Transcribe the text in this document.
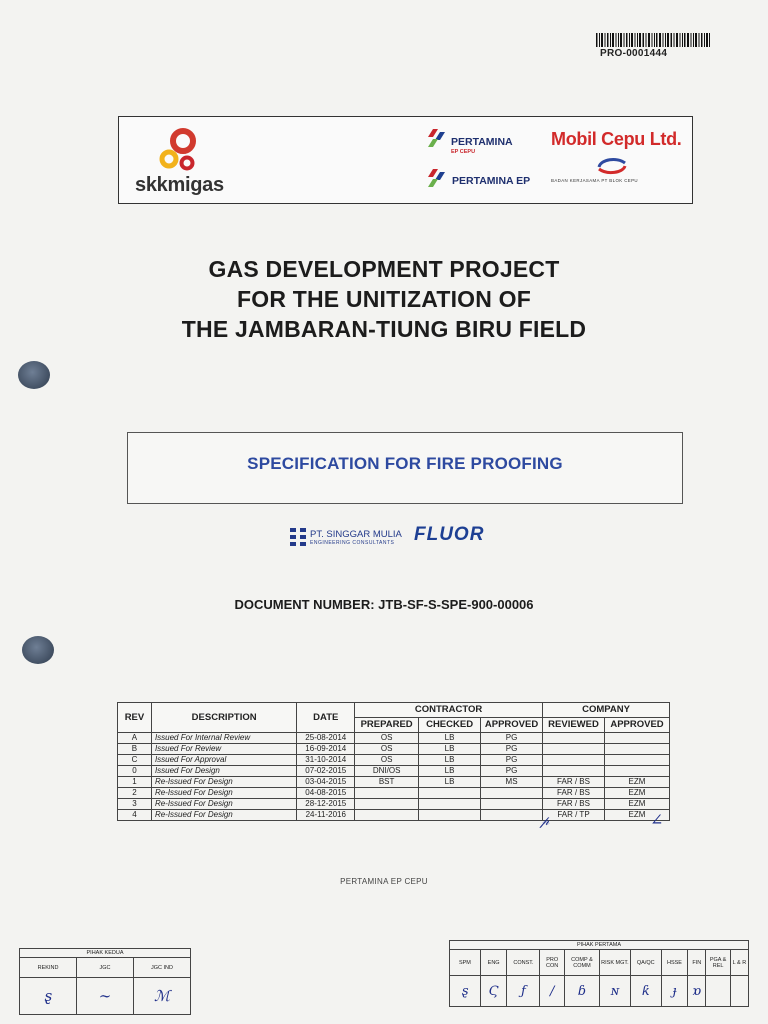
PRO-0001444
skkmigas
PERTAMINA
EP CEPU
PERTAMINA EP
Mobil Cepu Ltd.
BADAN KERJASAMA PT BLOK CEPU
GAS DEVELOPMENT PROJECT
FOR THE UNITIZATION OF
THE JAMBARAN-TIUNG BIRU FIELD
SPECIFICATION FOR FIRE PROOFING
PT. SINGGAR MULIA
ENGINEERING CONSULTANTS FLUOR
DOCUMENT NUMBER: JTB-SF-S-SPE-900-00006
REV	DESCRIPTION	DATE	CONTRACTOR			COMPANY	
			PREPARED	CHECKED	APPROVED	REVIEWED	APPROVED
A	Issued For Internal Review	25-08-2014	OS	LB	PG		
B	Issued For Review	16-09-2014	OS	LB	PG		
C	Issued For Approval	31-10-2014	OS	LB	PG		
0	Issued For Design	07-02-2015	DNI/OS	LB	PG		
1	Re-Issued For Design	03-04-2015	BST	LB	MS	FAR / BS	EZM
2	Re-Issued For Design	04-08-2015				FAR / BS	EZM
3	Re-Issued For Design	28-12-2015				FAR / BS	EZM
4	Re-Issued For Design	24-11-2016				FAR / TP	EZM
𝓅	∠
PERTAMINA EP CEPU
PIHAK KEDUA		
REKIND	JGC	JGC IND
ȿ	∼	ℳ
PIHAK PERTAMA										
SPM	ENG	CONST.	PRO CON	COMP & COMM	RISK MGT.	QA/QC	HSSE	FIN	PGA & REL	L & R
ȿ	Ϛ	ƒ	∕	ɓ	ɴ	ƙ	ɟ	ɒ		
